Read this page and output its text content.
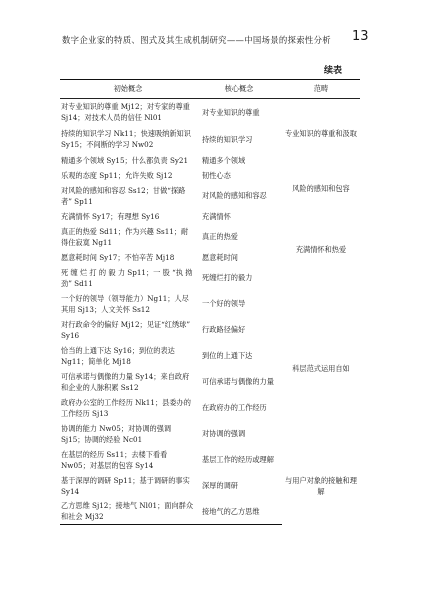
数字企业家的特质、图式及其生成机制研究——中国场景的探索性分析	13
续表
初始概念	核心概念	范畴
对专业知识的尊重 Mj12；对专家的尊重 Sj14；对技术人员的信任 Nl01	对专业知识的尊重	专业知识的尊重和汲取
持续的知识学习 Nk11；快速吸纳新知识 Sy15；不间断的学习 Nw02	持续的知识学习	
精通多个领域 Sy15；什么都负责 Sy21	精通多个领域	
乐观的态度 Sp11；允许失败 Sj12	韧性心态	风险的感知和包容
对风险的感知和容忍 Ss12；甘做“探路者” Sp11	对风险的感知和容忍	
充满情怀 Sy17；有理想 Sy16	充满情怀	充满情怀和热爱
真正的热爱 Sd11；作为兴趣 Ss11；耐得住寂寞 Ng11	真正的热爱	
愿意耗时间 Sy17；不怕辛苦 Mj18	愿意耗时间	
死 缠 烂 打 的 毅 力 Sp11；一 股 “执 拗 劲” Sd11	死缠烂打的毅力	
一个好的领导（领导能力）Ng11；人尽其用 Sj13；人文关怀 Ss12	一个好的领导	科层范式运用自如
对行政命令的偏好 Mj12；见证“红绣球” Sy16	行政路径偏好	
恰当的上通下达 Sy16；到位的表达 Ng11；简单化 Mj18	到位的上通下达	
可信承诺与偶像的力量 Sy14；来自政府和企业的人脉积累 Ss12	可信承诺与偶像的力量	
政府办公室的工作经历 Nk11；县委办的工作经历 Sj13	在政府办的工作经历	
协调的能力 Nw05；对协调的强调 Sj15；协调的经验 Nc01	对协调的强调	
在基层的经历 Ss11；去楼下看看 Nw05；对基层的包容 Sy14	基层工作的经历或理解	与用户对象的接触和理解
基于深厚的调研 Sp11；基于调研的事实 Sy14	深厚的调研	
乙方思维 Sj12；接地气 Nl01；面向群众和社会 Mj32	接地气的乙方思维	
